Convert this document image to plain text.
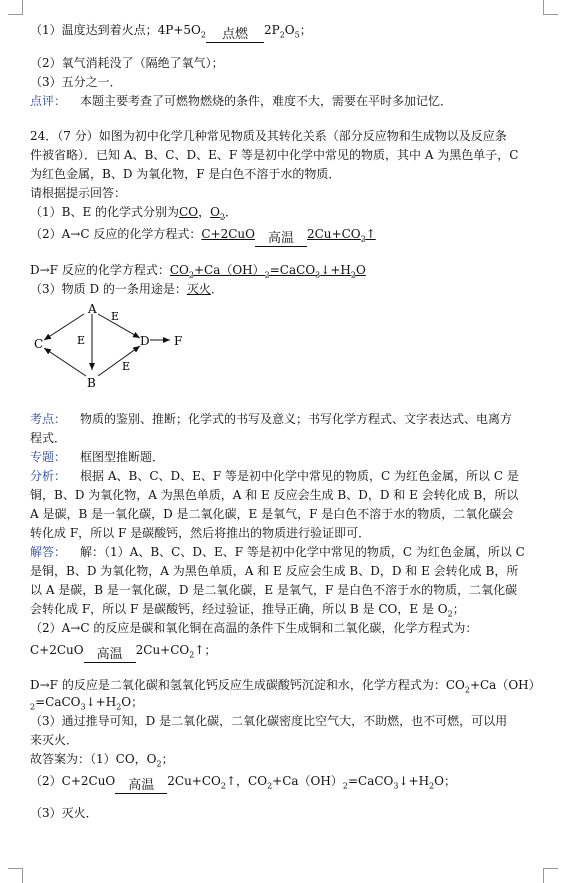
（1）温度达到着火点；$4P+5O_2$	点燃	$2P_2O_5$；
（2）氧气消耗没了（隔绝了氧气）；
（3）五分之一．
点评： 本题主要考查了可燃物燃烧的条件，难度不大，需要在平时多加记忆．
24．（7 分）如图为初中化学几种常见物质及其转化关系（部分反应物和生成物以及反应条
件被省略）．已知 A、B、C、D、E、F 等是初中化学中常见的物质，其中 A 为黑色单子，C
为红色金属，B、D 为氧化物，F 是白色不溶于水的物质．
请根据提示回答：
（1）B、E 的化学式分别为CO，$O_2$．
（2）A→C 反应的化学方程式：C+2CuO 高温	$2Cu+CO_2↑$
D→F 反应的化学方程式：$CO_2+Ca(OH)_2=CaCO_3↓+H_2O$
（3）物质 D 的一条用途是：灭火．
A
C
B
D F
E
E
E
考点： 物质的鉴别、推断；化学式的书写及意义；书写化学方程式、文字表达式、电离方
程式．
专题： 框图型推断题．
分析： 根据 A、B、C、D、E、F 等是初中化学中常见的物质，C 为红色金属，所以 C 是
铜，B、D 为氧化物，A 为黑色单质，A 和 E 反应会生成 B、D，D 和 E 会转化成 B，所以
A 是碳，B 是一氧化碳，D 是二氧化碳，E 是氧气，F 是白色不溶于水的物质，二氧化碳会
转化成 F，所以 F 是碳酸钙，然后将推出的物质进行验证即可．
解答： 解：（1）A、B、C、D、E、F 等是初中化学中常见的物质，C 为红色金属，所以 C
是铜，B、D 为氧化物，A 为黑色单质，A 和 E 反应会生成 B、D，D 和 E 会转化成 B，所
以 A 是碳，B 是一氧化碳，D 是二氧化碳，E 是氧气，F 是白色不溶于水的物质，二氧化碳
会转化成 F，所以 F 是碳酸钙，经过验证，推导正确，所以 B 是 CO，E 是 $O_2$；
（2）A→C 的反应是碳和氧化铜在高温的条件下生成铜和二氧化碳，化学方程式为：
C+2CuO 高温	$2Cu+CO_2↑$；
D→F 的反应是二氧化碳和氢氧化钙反应生成碳酸钙沉淀和水，化学方程式为：$CO_2+Ca(OH)$
$_2=CaCO_3↓+H_2O$；
（3）通过推导可知，D 是二氧化碳，二氧化碳密度比空气大，不助燃，也不可燃，可以用
来灭火．
故答案为：（1）CO，$O_2$；
（2）C+2CuO 高温	$2Cu+CO_2↑$，$CO_2+Ca(OH)_2=CaCO_3↓+H_2O$；
（3）灭火．
